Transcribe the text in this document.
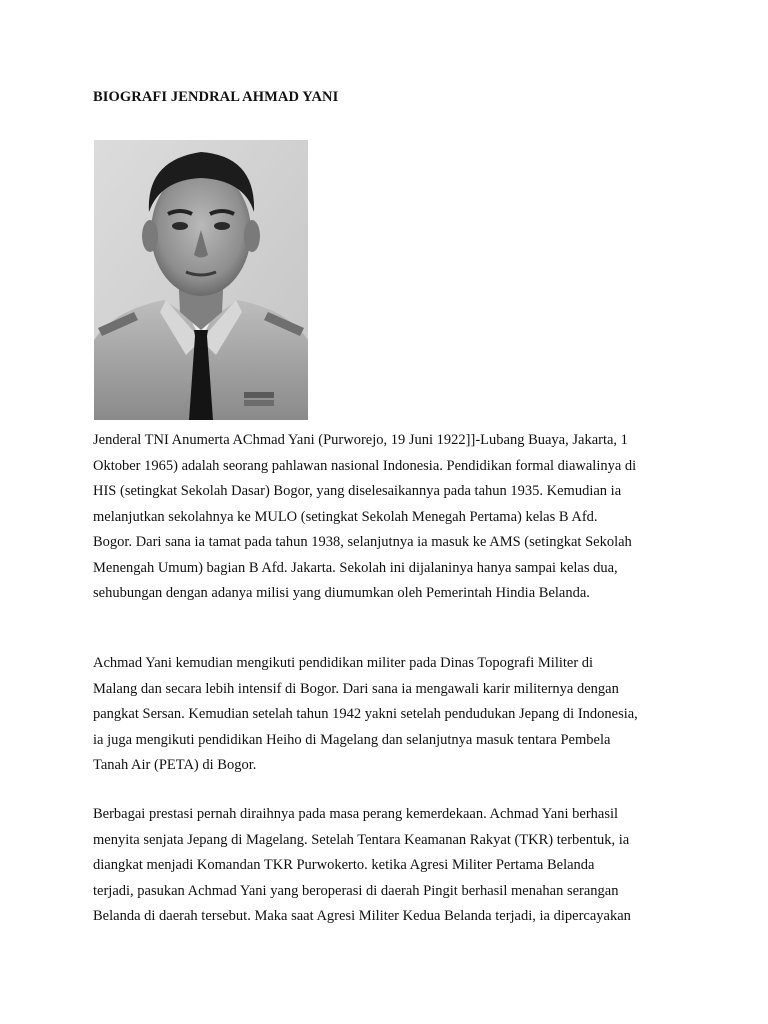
BIOGRAFI JENDRAL AHMAD YANI
Jenderal TNI Anumerta AChmad Yani (Purworejo, 19 Juni 1922]]-Lubang Buaya, Jakarta, 1
Oktober 1965) adalah seorang pahlawan nasional Indonesia. Pendidikan formal diawalinya di
HIS (setingkat Sekolah Dasar) Bogor, yang diselesaikannya pada tahun 1935. Kemudian ia
melanjutkan sekolahnya ke MULO (setingkat Sekolah Menegah Pertama) kelas B Afd.
Bogor. Dari sana ia tamat pada tahun 1938, selanjutnya ia masuk ke AMS (setingkat Sekolah
Menengah Umum) bagian B Afd. Jakarta. Sekolah ini dijalaninya hanya sampai kelas dua,
sehubungan dengan adanya milisi yang diumumkan oleh Pemerintah Hindia Belanda.
Achmad Yani kemudian mengikuti pendidikan militer pada Dinas Topografi Militer di
Malang dan secara lebih intensif di Bogor. Dari sana ia mengawali karir militernya dengan
pangkat Sersan. Kemudian setelah tahun 1942 yakni setelah pendudukan Jepang di Indonesia,
ia juga mengikuti pendidikan Heiho di Magelang dan selanjutnya masuk tentara Pembela
Tanah Air (PETA) di Bogor.
Berbagai prestasi pernah diraihnya pada masa perang kemerdekaan. Achmad Yani berhasil
menyita senjata Jepang di Magelang. Setelah Tentara Keamanan Rakyat (TKR) terbentuk, ia
diangkat menjadi Komandan TKR Purwokerto. ketika Agresi Militer Pertama Belanda
terjadi, pasukan Achmad Yani yang beroperasi di daerah Pingit berhasil menahan serangan
Belanda di daerah tersebut. Maka saat Agresi Militer Kedua Belanda terjadi, ia dipercayakan
